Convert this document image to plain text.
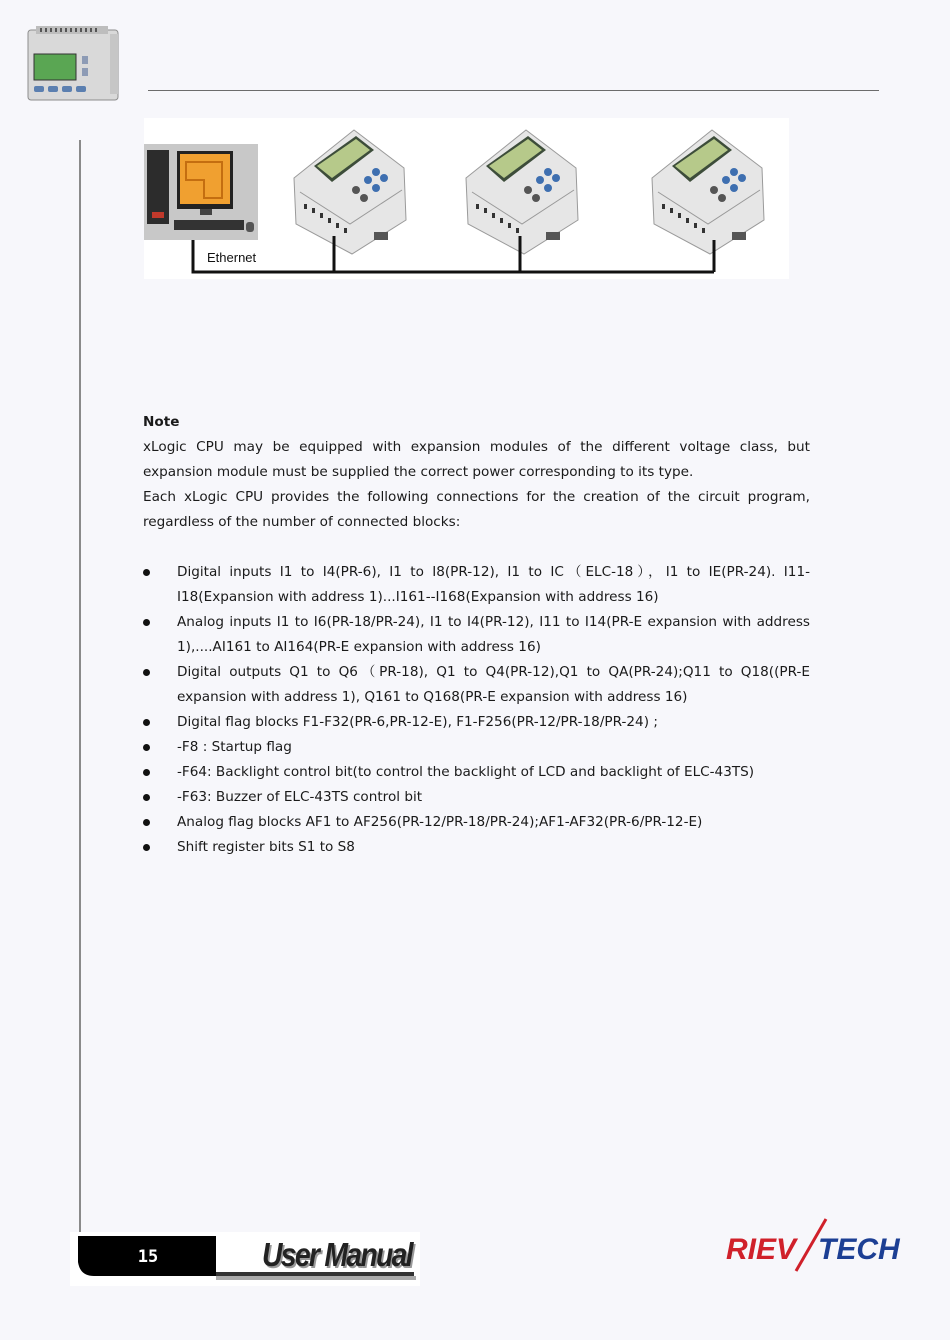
Ethernet

Note

xLogic CPU may be equipped with expansion modules of the different voltage class, but expansion module must be supplied the correct power corresponding to its type.

Each xLogic CPU provides the following connections for the creation of the circuit program, regardless of the number of connected blocks:

Digital inputs I1 to I4(PR-6), I1 to I8(PR-12), I1 to IC（ELC-18），I1 to IE(PR-24). I11-I18(Expansion with address 1)...I161--I168(Expansion with address 16)
Analog inputs I1 to I6(PR-18/PR-24), I1 to I4(PR-12), I11 to I14(PR-E expansion with address 1),....AI161 to AI164(PR-E expansion with address 16)
Digital outputs Q1 to Q6（PR-18), Q1 to Q4(PR-12),Q1 to QA(PR-24);Q11 to Q18((PR-E expansion with address 1), Q161 to Q168(PR-E expansion with address 16)
Digital flag blocks F1-F32(PR-6,PR-12-E), F1-F256(PR-12/PR-18/PR-24) ;
-F8 : Startup flag
-F64: Backlight control bit(to control the backlight of LCD and backlight of ELC-43TS)
-F63: Buzzer of ELC-43TS control bit
Analog flag blocks AF1 to AF256(PR-12/PR-18/PR-24);AF1-AF32(PR-6/PR-12-E)
Shift register bits S1 to S8
15	User Manual	RIEV TECH
